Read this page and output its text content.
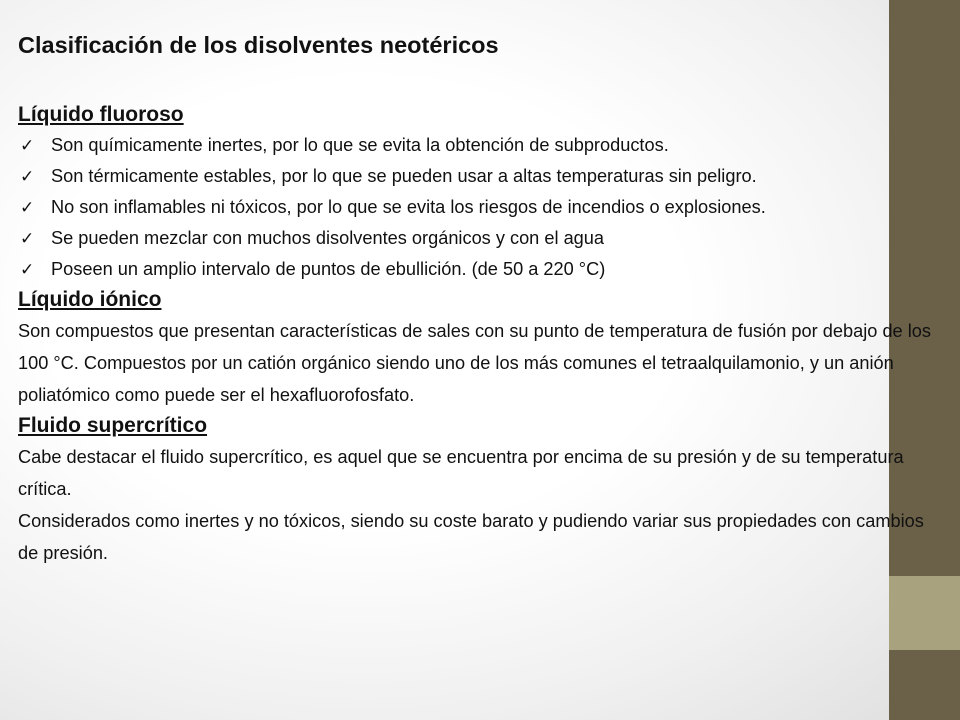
Clasificación de los disolventes neotéricos
Líquido fluoroso
✓ Son químicamente inertes, por lo que se evita la obtención de subproductos.
✓ Son térmicamente estables, por lo que se pueden usar a altas temperaturas sin peligro.
✓ No son inflamables ni tóxicos, por lo que se evita los riesgos de incendios o explosiones.
✓ Se pueden mezclar con muchos disolventes orgánicos y con el agua
✓ Poseen un amplio intervalo de puntos de ebullición. (de 50 a 220 °C)
Líquido iónico

Son compuestos que presentan características de sales con su punto de temperatura de fusión por debajo de los 100 °C. Compuestos por un catión orgánico siendo uno de los más comunes el tetraalquilamonio, y un anión poliatómico como puede ser el hexafluorofosfato.

Fluido supercrítico

Cabe destacar el fluido supercrítico, es aquel que se encuentra por encima de su presión y de su temperatura crítica.

Considerados como inertes y no tóxicos, siendo su coste barato y pudiendo variar sus propiedades con cambios de presión.
